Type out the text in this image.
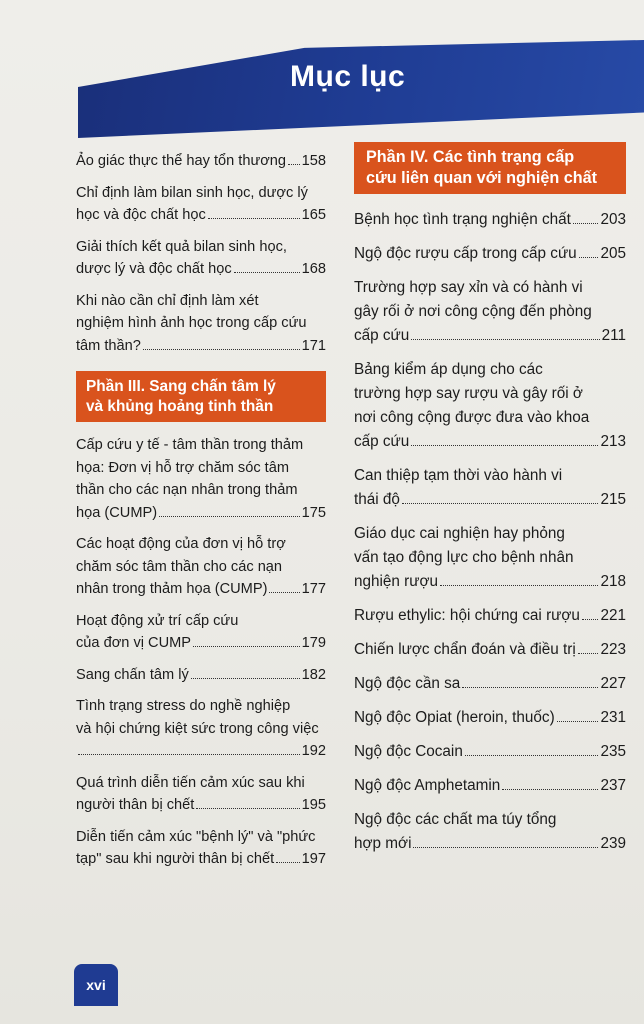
Mục lục
Ảo giác thực thể hay tổn thương 158
Chỉ định làm bilan sinh học, dược lý
học và độc chất học	165
Giải thích kết quả bilan sinh học,
dược lý và độc chất học	168
Khi nào cần chỉ định làm xét
nghiệm hình ảnh học trong cấp cứu
tâm thần?	171
Phần III. Sang chấn tâm lý
và khủng hoảng tinh thần
Cấp cứu y tế - tâm thần trong thảm
họa: Đơn vị hỗ trợ chăm sóc tâm
thần cho các nạn nhân trong thảm
họa (CUMP)	175
Các hoạt động của đơn vị hỗ trợ
chăm sóc tâm thần cho các nạn
nhân trong thảm họa (CUMP) 177
Hoạt động xử trí cấp cứu
của đơn vị CUMP	179
Sang chấn tâm lý	182
Tình trạng stress do nghề nghiệp
và hội chứng kiệt sức trong công việc
192
Quá trình diễn tiến cảm xúc sau khi
người thân bị chết	195
Diễn tiến cảm xúc "bệnh lý" và "phức
tạp" sau khi người thân bị chết 197
Phần IV. Các tình trạng cấp
cứu liên quan với nghiện chất
Bệnh học tình trạng nghiện chất 203
Ngộ độc rượu cấp trong cấp cứu 205
Trường hợp say xỉn và có hành vi
gây rối ở nơi công cộng đến phòng
cấp cứu	211
Bảng kiểm áp dụng cho các
trường hợp say rượu và gây rối ở
nơi công cộng được đưa vào khoa
cấp cứu	213
Can thiệp tạm thời vào hành vi
thái độ	215
Giáo dục cai nghiện hay phỏng
vấn tạo động lực cho bệnh nhân
nghiện rượu	218
Rượu ethylic: hội chứng cai rượu 221
Chiến lược chẩn đoán và điều trị 223
Ngộ độc cần sa	227
Ngộ độc Opiat (heroin, thuốc)	231
Ngộ độc Cocain	235
Ngộ độc Amphetamin	237
Ngộ độc các chất ma túy tổng
hợp mới	239
xvi
